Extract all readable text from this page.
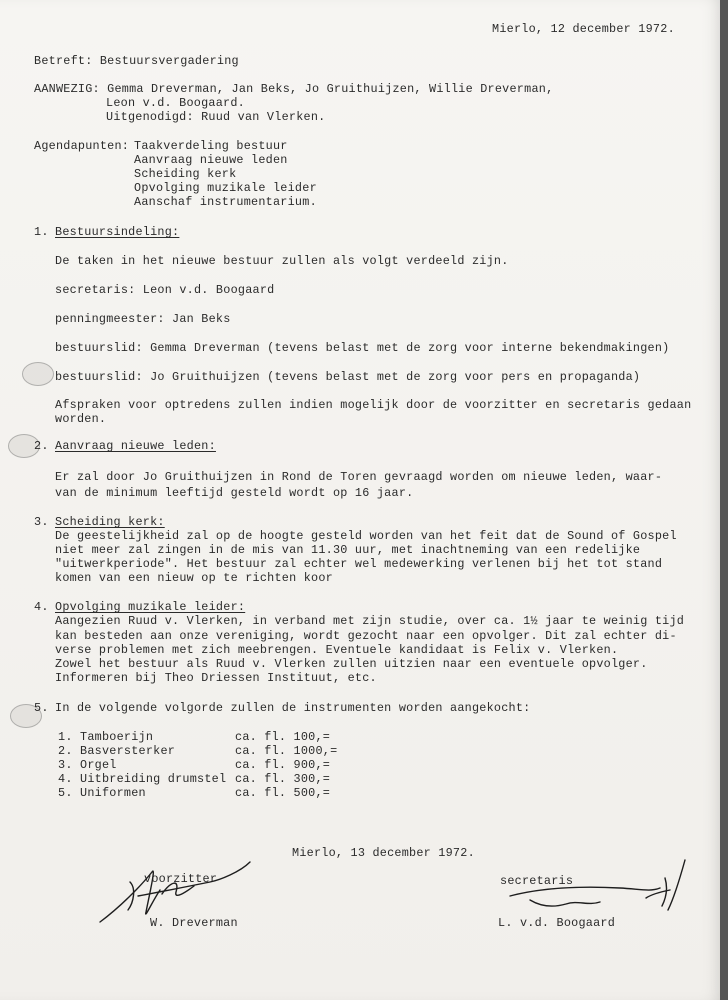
Mierlo, 12 december 1972.
Betreft: Bestuursvergadering
AANWEZIG: Gemma Dreverman, Jan Beks, Jo Gruithuijzen, Willie Dreverman,
Leon v.d. Boogaard.
Uitgenodigd: Ruud van Vlerken.
Agendapunten: Taakverdeling bestuur
Aanvraag nieuwe leden
Scheiding kerk
Opvolging muzikale leider
Aanschaf instrumentarium.
1. Bestuursindeling:
De taken in het nieuwe bestuur zullen als volgt verdeeld zijn.
secretaris: Leon v.d. Boogaard
penningmeester: Jan Beks
bestuurslid: Gemma Dreverman (tevens belast met de zorg voor interne bekendmakingen)
bestuurslid: Jo Gruithuijzen (tevens belast met de zorg voor pers en propaganda)
Afspraken voor optredens zullen indien mogelijk door de voorzitter en secretaris gedaan
worden.
2. Aanvraag nieuwe leden:
Er zal door Jo Gruithuijzen in Rond de Toren gevraagd worden om nieuwe leden, waar-
van de minimum leeftijd gesteld wordt op 16 jaar.
3. Scheiding kerk:
De geestelijkheid zal op de hoogte gesteld worden van het feit dat de Sound of Gospel
niet meer zal zingen in de mis van 11.30 uur, met inachtneming van een redelijke
"uitwerkperiode". Het bestuur zal echter wel medewerking verlenen bij het tot stand
komen van een nieuw op te richten koor
4. Opvolging muzikale leider:
Aangezien Ruud v. Vlerken, in verband met zijn studie, over ca. 1½ jaar te weinig tijd
kan besteden aan onze vereniging, wordt gezocht naar een opvolger. Dit zal echter di-
verse problemen met zich meebrengen. Eventuele kandidaat is Felix v. Vlerken.
Zowel het bestuur als Ruud v. Vlerken zullen uitzien naar een eventuele opvolger.
Informeren bij Theo Driessen Instituut, etc.
5. In de volgende volgorde zullen de instrumenten worden aangekocht:
1. Tamboerijn	ca. fl. 100,=
2. Basversterker	ca. fl. 1000,=
3. Orgel	ca. fl. 900,=
4. Uitbreiding drumstel ca. fl. 300,=
5. Uniformen	ca. fl. 500,=
Mierlo, 13 december 1972.
voorzitter	secretaris
W. Dreverman	L. v.d. Boogaard
